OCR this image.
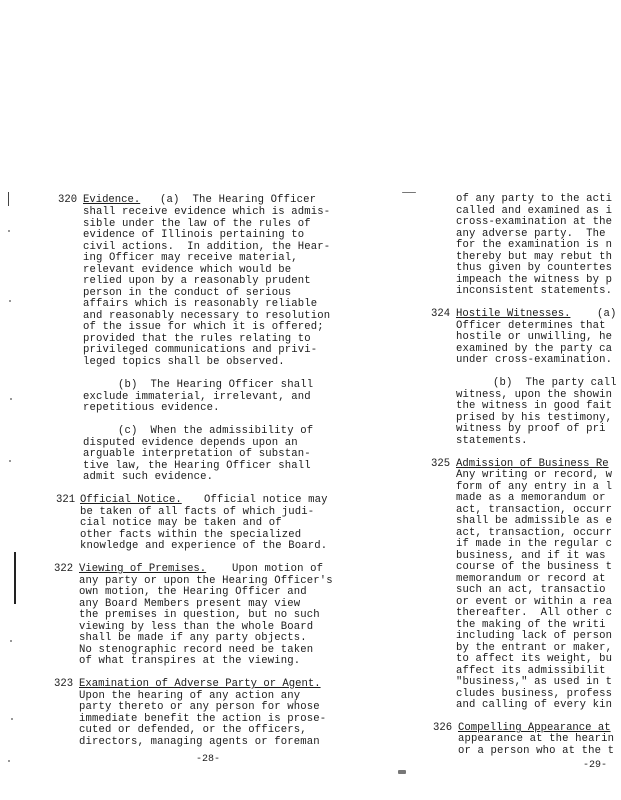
320 Evidence. (a)  The Hearing Officer
shall receive evidence which is admis-
sible under the law of the rules of
evidence of Illinois pertaining to
civil actions.  In addition, the Hear-
ing Officer may receive material,
relevant evidence which would be
relied upon by a reasonably prudent
person in the conduct of serious
affairs which is reasonably reliable
and reasonably necessary to resolution
of the issue for which it is offered;
provided that the rules relating to
privileged communications and privi-
leged topics shall be observed.
(b)  The Hearing Officer shall
exclude immaterial, irrelevant, and
repetitious evidence.
(c)  When the admissibility of
disputed evidence depends upon an
arguable interpretation of substan-
tive law, the Hearing Officer shall
admit such evidence.
321 Official Notice. Official notice may
be taken of all facts of which judi-
cial notice may be taken and of
other facts within the specialized
knowledge and experience of the Board.
322 Viewing of Premises. Upon motion of
any party or upon the Hearing Officer's
own motion, the Hearing Officer and
any Board Members present may view
the premises in question, but no such
viewing by less than the whole Board
shall be made if any party objects.
No stenographic record need be taken
of what transpires at the viewing.
323 Examination of Adverse Party or Agent.
Upon the hearing of any action any
party thereto or any person for whose
immediate benefit the action is prose-
cuted or defended, or the officers,
directors, managing agents or foreman
-28-
of any party to the acti
called and examined as i
cross-examination at the
any adverse party.  The
for the examination is n
thereby but may rebut th
thus given by countertes
impeach the witness by p
inconsistent statements.
324 Hostile Witnesses.	(a)
Officer determines that
hostile or unwilling, he
examined by the party ca
under cross-examination.
(b)  The party call
witness, upon the showin
the witness in good fait
prised by his testimony,
witness by proof of pri
statements.
325 Admission of Business Re
Any writing or record, w
form of any entry in a l
made as a memorandum or
act, transaction, occurr
shall be admissible as e
act, transaction, occurr
if made in the regular c
business, and if it was
course of the business t
memorandum or record at
such an act, transactio
or event or within a rea
thereafter.  All other c
the making of the writi
including lack of person
by the entrant or maker,
to affect its weight, bu
affect its admissibilit
"business," as used in t
cludes business, profess
and calling of every kin
326 Compelling Appearance at
appearance at the hearin
or a person who at the t
-29-
